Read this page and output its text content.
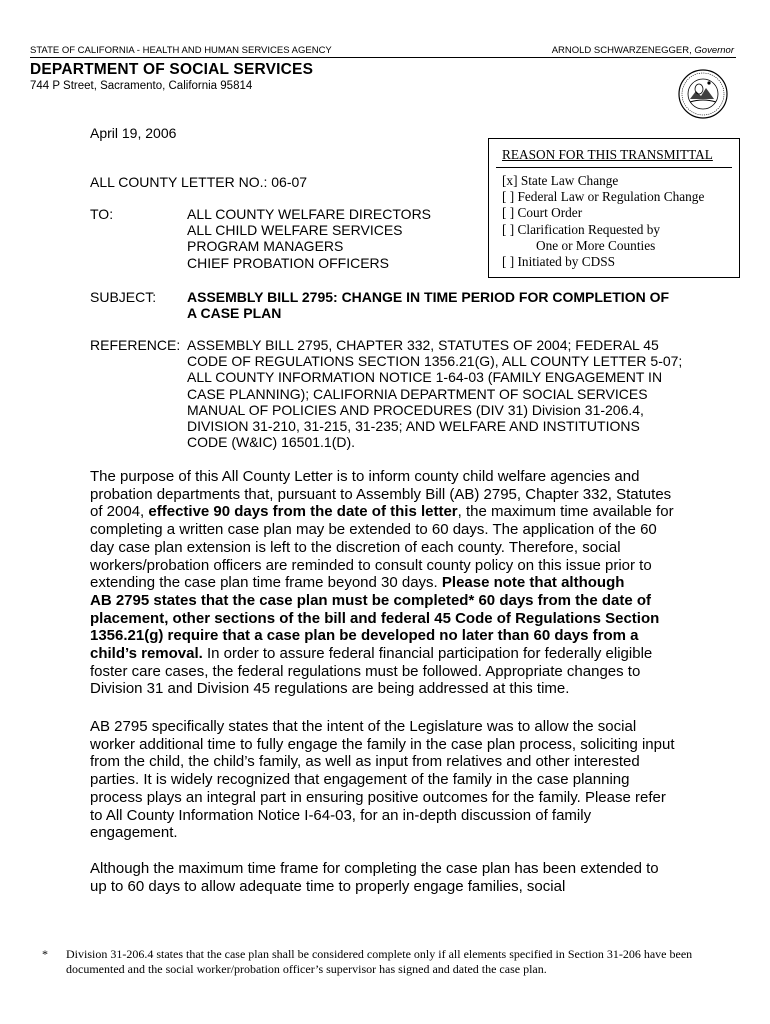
STATE OF CALIFORNIA - HEALTH AND HUMAN SERVICES AGENCY	ARNOLD SCHWARZENEGGER, Governor
DEPARTMENT OF SOCIAL SERVICES
744 P Street, Sacramento, California 95814
April 19, 2006
REASON FOR THIS TRANSMITTAL
[x] State Law Change
[ ] Federal Law or Regulation Change
[ ] Court Order
[ ] Clarification Requested by
One or More Counties
[ ] Initiated by CDSS
ALL COUNTY LETTER NO.: 06-07
TO:	ALL COUNTY WELFARE DIRECTORS
ALL CHILD WELFARE SERVICES
PROGRAM MANAGERS
CHIEF PROBATION OFFICERS
SUBJECT: ASSEMBLY BILL 2795: CHANGE IN TIME PERIOD FOR COMPLETION OF
A CASE PLAN
REFERENCE: ASSEMBLY BILL 2795, CHAPTER 332, STATUTES OF 2004; FEDERAL 45
CODE OF REGULATIONS SECTION 1356.21(G), ALL COUNTY LETTER 5-07;
ALL COUNTY INFORMATION NOTICE 1-64-03 (FAMILY ENGAGEMENT IN
CASE PLANNING); CALIFORNIA DEPARTMENT OF SOCIAL SERVICES
MANUAL OF POLICIES AND PROCEDURES (DIV 31) Division 31-206.4,
DIVISION 31-210, 31-215, 31-235; AND WELFARE AND INSTITUTIONS
CODE (W&IC) 16501.1(D).
The purpose of this All County Letter is to inform county child welfare agencies and
probation departments that, pursuant to Assembly Bill (AB) 2795, Chapter 332, Statutes
of 2004, effective 90 days from the date of this letter, the maximum time available for
completing a written case plan may be extended to 60 days. The application of the 60
day case plan extension is left to the discretion of each county. Therefore, social
workers/probation officers are reminded to consult county policy on this issue prior to
extending the case plan time frame beyond 30 days. Please note that although
AB 2795 states that the case plan must be completed* 60 days from the date of
placement, other sections of the bill and federal 45 Code of Regulations Section
1356.21(g) require that a case plan be developed no later than 60 days from a
child’s removal. In order to assure federal financial participation for federally eligible
foster care cases, the federal regulations must be followed. Appropriate changes to
Division 31 and Division 45 regulations are being addressed at this time.
AB 2795 specifically states that the intent of the Legislature was to allow the social
worker additional time to fully engage the family in the case plan process, soliciting input
from the child, the child’s family, as well as input from relatives and other interested
parties. It is widely recognized that engagement of the family in the case planning
process plays an integral part in ensuring positive outcomes for the family. Please refer
to All County Information Notice I-64-03, for an in-depth discussion of family
engagement.
Although the maximum time frame for completing the case plan has been extended to
up to 60 days to allow adequate time to properly engage families, social
* Division 31-206.4 states that the case plan shall be considered complete only if all elements specified in Section 31-206 have been
documented and the social worker/probation officer’s supervisor has signed and dated the case plan.
